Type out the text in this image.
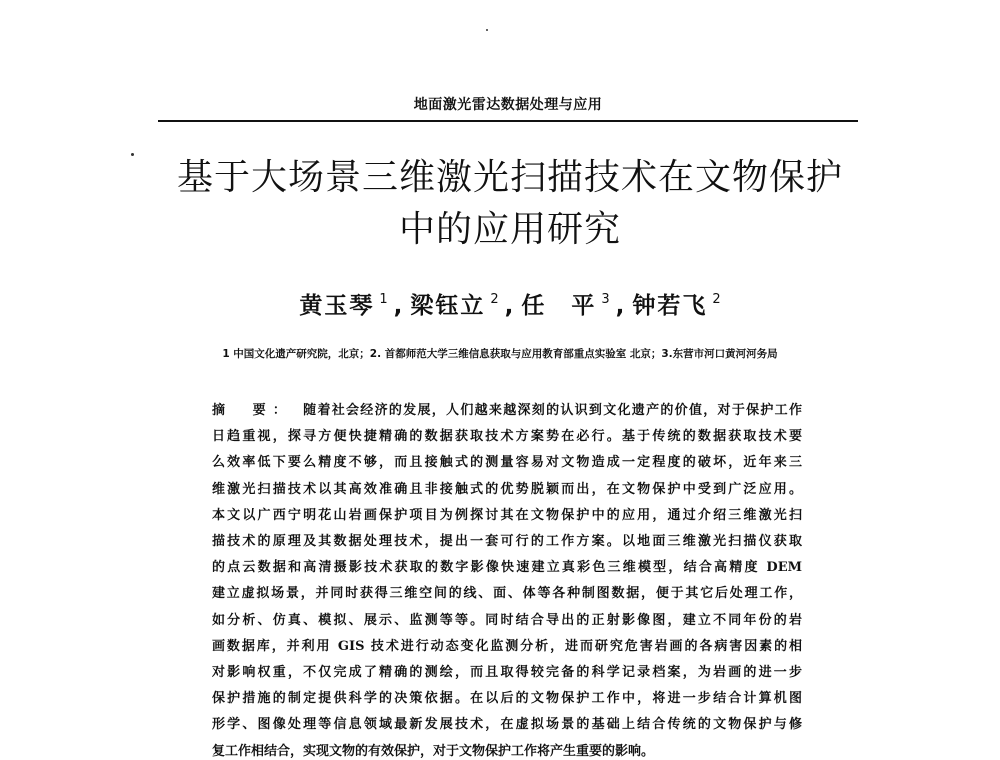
地面激光雷达数据处理与应用
基于大场景三维激光扫描技术在文物保护
中的应用研究
黄玉琴 $^1$ , 梁钰立 $^2$ , 任　平 $^3$ , 钟若飞 $^2$
1 中国文化遗产研究院，北京；2. 首都师范大学三维信息获取与应用教育部重点实验室 北京；3.东营市河口黄河河务局
摘　要： 随着社会经济的发展，人们越来越深刻的认识到文化遗产的价值，对于保护工作
日趋重视，探寻方便快捷精确的数据获取技术方案势在必行。基于传统的数据获取技术要
么效率低下要么精度不够，而且接触式的测量容易对文物造成一定程度的破坏，近年来三
维激光扫描技术以其高效准确且非接触式的优势脱颖而出，在文物保护中受到广泛应用。
本文以广西宁明花山岩画保护项目为例探讨其在文物保护中的应用，通过介绍三维激光扫
描技术的原理及其数据处理技术，提出一套可行的工作方案。以地面三维激光扫描仪获取
的点云数据和高清摄影技术获取的数字影像快速建立真彩色三维模型，结合高精度 DEM
建立虚拟场景，并同时获得三维空间的线、面、体等各种制图数据，便于其它后处理工作，
如分析、仿真、模拟、展示、监测等等。同时结合导出的正射影像图，建立不同年份的岩
画数据库，并利用 GIS 技术进行动态变化监测分析，进而研究危害岩画的各病害因素的相
对影响权重，不仅完成了精确的测绘，而且取得较完备的科学记录档案，为岩画的进一步
保护措施的制定提供科学的决策依据。在以后的文物保护工作中，将进一步结合计算机图
形学、图像处理等信息领域最新发展技术，在虚拟场景的基础上结合传统的文物保护与修
复工作相结合，实现文物的有效保护，对于文物保护工作将产生重要的影响。
